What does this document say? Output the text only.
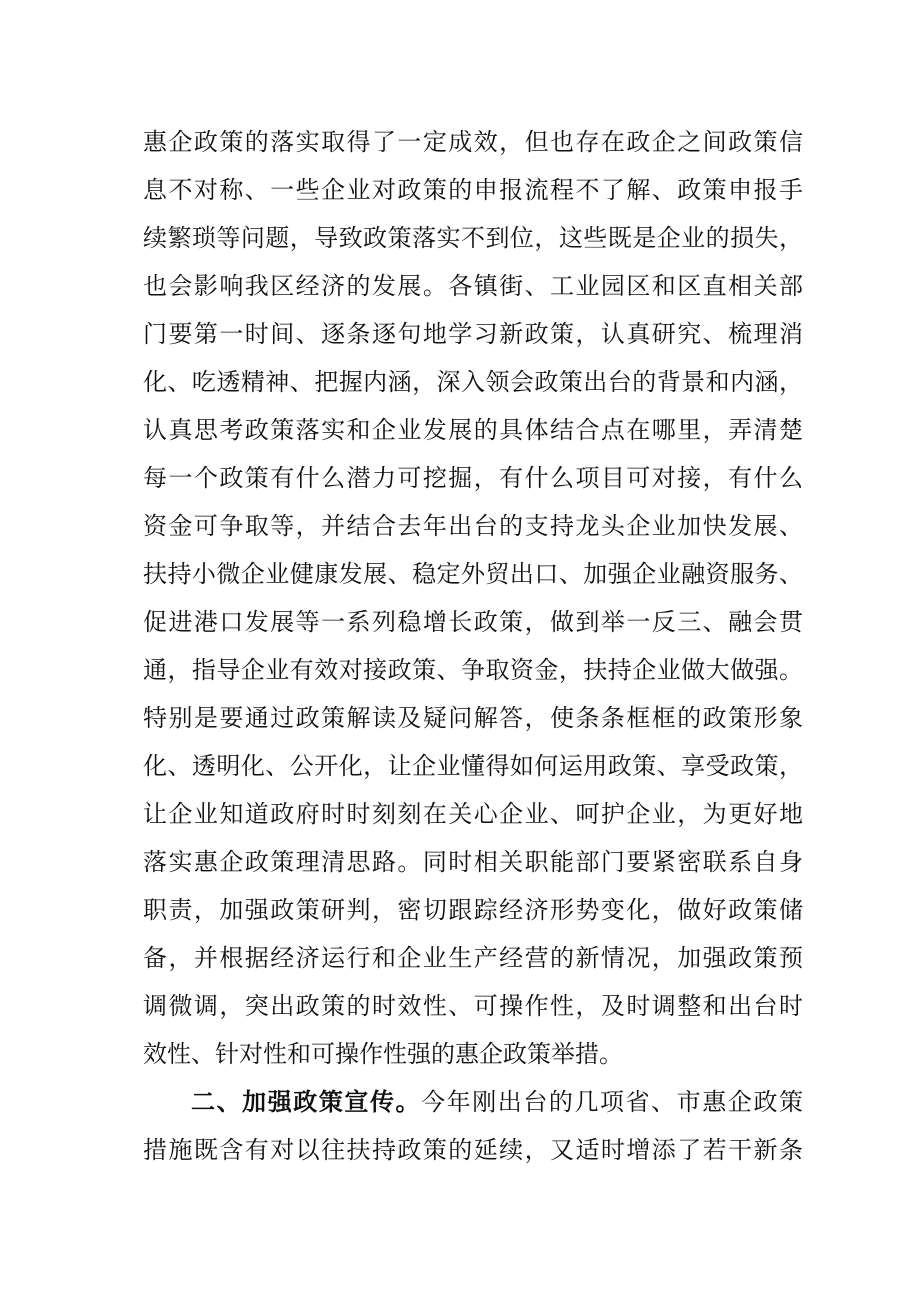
惠企政策的落实取得了一定成效，但也存在政企之间政策信
息不对称、一些企业对政策的申报流程不了解、政策申报手
续繁琐等问题，导致政策落实不到位，这些既是企业的损失，
也会影响我区经济的发展。各镇街、工业园区和区直相关部
门要第一时间、逐条逐句地学习新政策，认真研究、梳理消
化、吃透精神、把握内涵，深入领会政策出台的背景和内涵，
认真思考政策落实和企业发展的具体结合点在哪里，弄清楚
每一个政策有什么潜力可挖掘，有什么项目可对接，有什么
资金可争取等，并结合去年出台的支持龙头企业加快发展、
扶持小微企业健康发展、稳定外贸出口、加强企业融资服务、
促进港口发展等一系列稳增长政策，做到举一反三、融会贯
通，指导企业有效对接政策、争取资金，扶持企业做大做强。
特别是要通过政策解读及疑问解答，使条条框框的政策形象
化、透明化、公开化，让企业懂得如何运用政策、享受政策，
让企业知道政府时时刻刻在关心企业、呵护企业，为更好地
落实惠企政策理清思路。同时相关职能部门要紧密联系自身
职责，加强政策研判，密切跟踪经济形势变化，做好政策储
备，并根据经济运行和企业生产经营的新情况，加强政策预
调微调，突出政策的时效性、可操作性，及时调整和出台时
效性、针对性和可操作性强的惠企政策举措。
二、加强政策宣传。今年刚出台的几项省、市惠企政策
措施既含有对以往扶持政策的延续，又适时增添了若干新条
